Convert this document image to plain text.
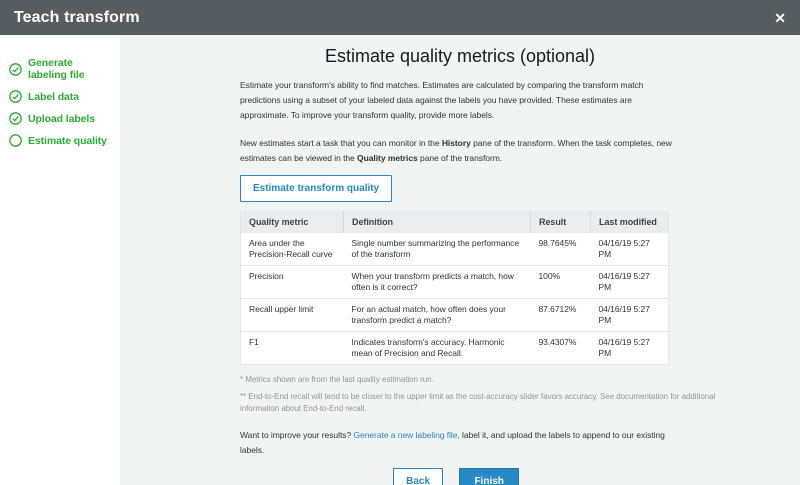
Teach transform	✕
Generate labeling file
Label data
Upload labels
Estimate quality
Estimate quality metrics (optional)

Estimate your transform's ability to find matches. Estimates are calculated by comparing the transform match predictions using a subset of your labeled data against the labels you have provided. These estimates are approximate. To improve your transform quality, provide more labels.

New estimates start a task that you can monitor in the History pane of the transform. When the task completes, new estimates can be viewed in the Quality metrics pane of the transform.

Estimate transform quality
Quality metric	Definition	Result	Last modified
Area under the Precision-Recall curve	Single number summarizing the performance of the transform	98.7645%	04/16/19 5:27 PM
Precision	When your transform predicts a match, how often is it correct?	100%	04/16/19 5:27 PM
Recall upper limit	For an actual match, how often does your transform predict a match?	87.6712%	04/16/19 5:27 PM
F1	Indicates transform's accuracy. Harmonic mean of Precision and Recall.	93.4307%	04/16/19 5:27 PM
* Metrics shown are from the last quality estimation run.
** End-to-End recall will tend to be closer to the upper limit as the cost-accuracy slider favors accuracy. See documentation for additional information about End-to-End recall.

Want to improve your results? Generate a new labeling file, label it, and upload the labels to append to our existing labels.

Back	Finish
